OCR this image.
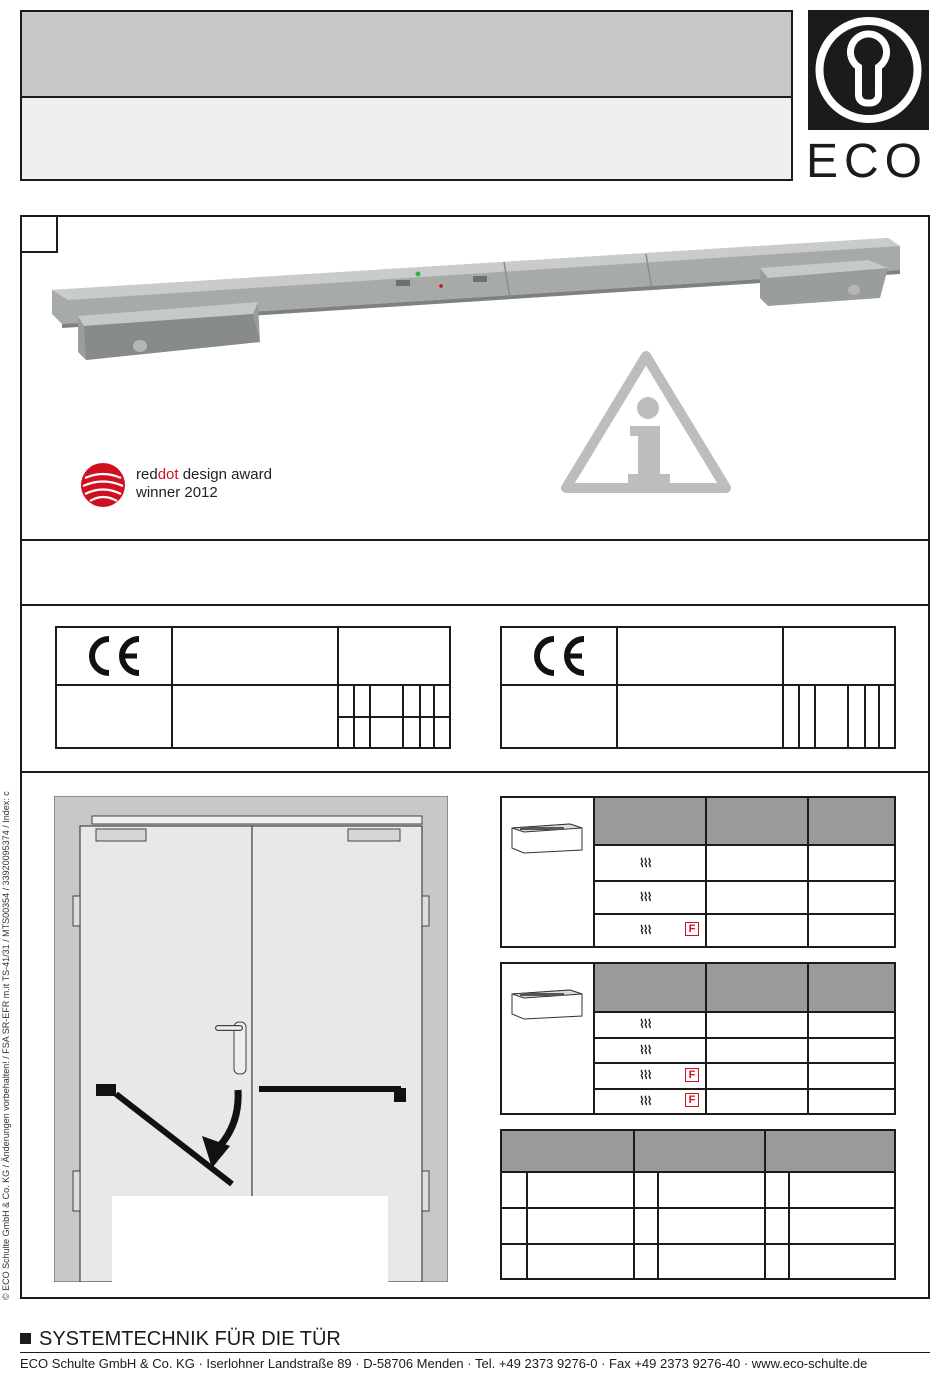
ECO
reddot design award
winner 2012
⌇⌇⌇
⌇⌇⌇
⌇⌇⌇	F
⌇⌇⌇
⌇⌇⌇
⌇⌇⌇
⌇⌇⌇
F
F
© ECO Schulte GmbH & Co. KG / Änderungen vorbehalten! / FSA SR-EFR m.it TS-41/31 / MTS00354 / 33920095374 / Index: c
SYSTEMTECHNIK FÜR DIE TÜR
ECO Schulte GmbH & Co. KG · Iserlohner Landstraße 89 · D-58706 Menden · Tel. +49 2373 9276-0 · Fax +49 2373 9276-40 · www.eco-schulte.de
